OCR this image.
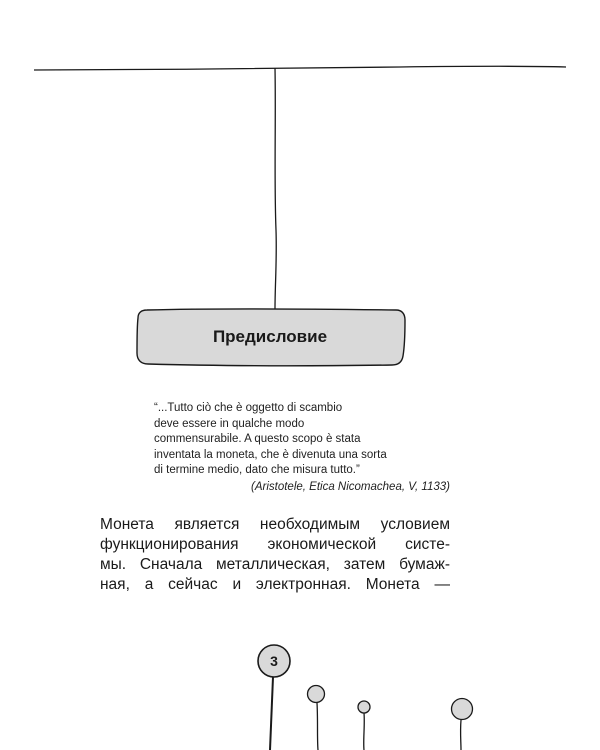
Предисловие
“...Tutto ciò che è oggetto di scambio
deve essere in qualche modo
commensurabile. A questo scopo è stata
inventata la moneta, che è divenuta una sorta
di termine medio, dato che misura tutto.”
(Aristotele, Etica Nicomachea, V, 1133)
Монета является необходимым условием
функционирования экономической систе-
мы. Сначала металлическая, затем бумаж-
ная, а сейчас и электронная. Монета —
3
